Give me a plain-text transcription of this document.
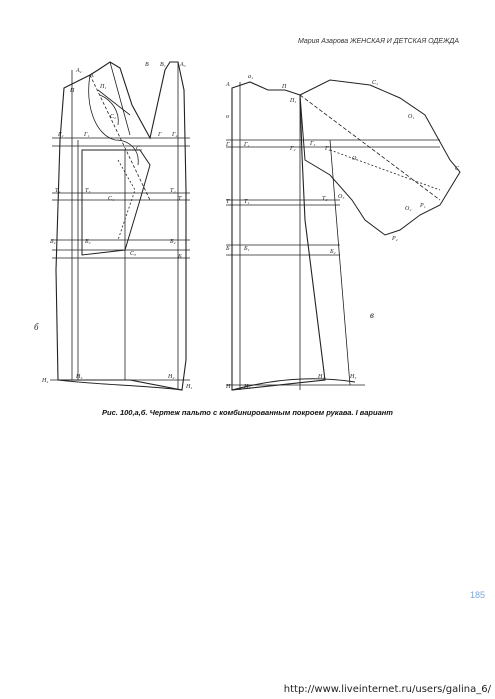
Мария Азарова ЖЕНСКАЯ И ДЕТСКАЯ ОДЕЖДА
A₂
А
П
П₁
Г₂	Г₁	Г Г₄
Т₄	Т₃	Т₂
Т
Б₄	Б₃	Б₂
Б
Н₄
Н₃	Н₂
Н₁
В В₁ A₃
С₂
С₃
С₄
С₅
б
А
а₁
П
П₁
о
Г Г₁
Г₂
Г₃
Г₄
Т Т₁	Т₂
Б Б₁	Б₂
Н Н₁
Н₂	Н₃
С₁
О₁
О
С
О₂ Р₁
Р₂
О₃
в
Рис. 100,а,б. Чертеж пальто с комбинированным покроем рукава. I вариант
185
http://www.liveinternet.ru/users/galina_6/
